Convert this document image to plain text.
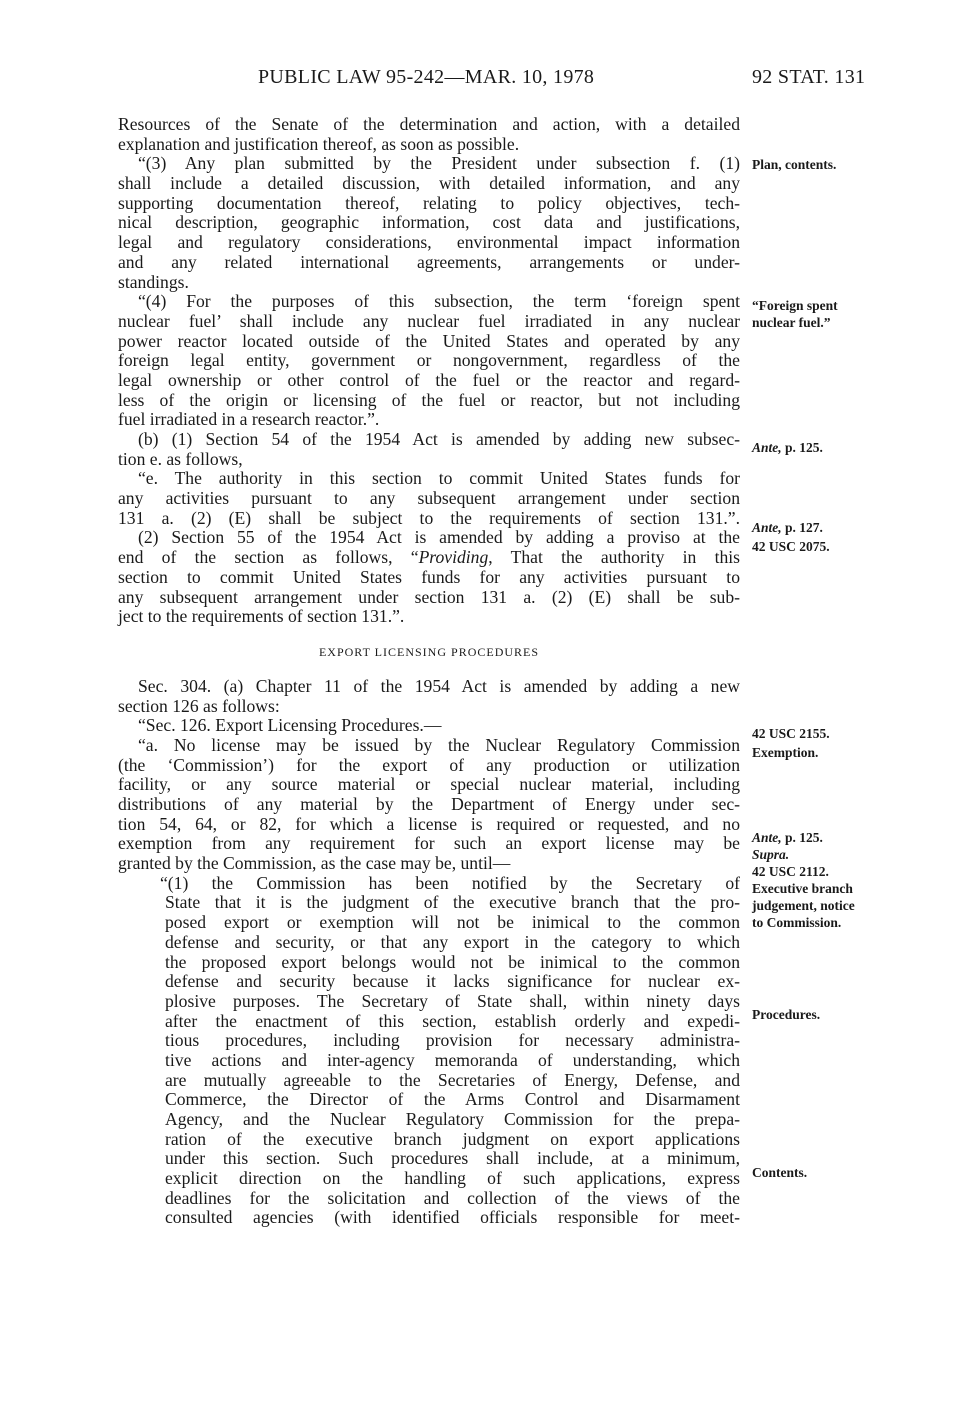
PUBLIC LAW 95-242—MAR. 10, 1978	92 STAT. 131
Resources of the Senate of the determination and action, with a detailed
explanation and justification thereof, as soon as possible.
“(3) Any plan submitted by the President under subsection f. (1)
shall include a detailed discussion, with detailed information, and any
supporting documentation thereof, relating to policy objectives, tech-
nical description, geographic information, cost data and justifications,
legal and regulatory considerations, environmental impact information
and any related international agreements, arrangements or under-
standings.
“(4) For the purposes of this subsection, the term ‘foreign spent
nuclear fuel’ shall include any nuclear fuel irradiated in any nuclear
power reactor located outside of the United States and operated by any
foreign legal entity, government or nongovernment, regardless of the
legal ownership or other control of the fuel or the reactor and regard-
less of the origin or licensing of the fuel or reactor, but not including
fuel irradiated in a research reactor.”.
(b) (1) Section 54 of the 1954 Act is amended by adding new subsec-
tion e. as follows,
“e. The authority in this section to commit United States funds for
any activities pursuant to any subsequent arrangement under section
131 a. (2) (E) shall be subject to the requirements of section 131.”.
(2) Section 55 of the 1954 Act is amended by adding a proviso at the
end of the section as follows, “Providing, That the authority in this
section to commit United States funds for any activities pursuant to
any subsequent arrangement under section 131 a. (2) (E) shall be sub-
ject to the requirements of section 131.”.
EXPORT LICENSING PROCEDURES
Sec. 304. (a) Chapter 11 of the 1954 Act is amended by adding a new
section 126 as follows:
“Sec. 126. Export Licensing Procedures.—
“a. No license may be issued by the Nuclear Regulatory Commission
(the ‘Commission’) for the export of any production or utilization
facility, or any source material or special nuclear material, including
distributions of any material by the Department of Energy under sec-
tion 54, 64, or 82, for which a license is required or requested, and no
exemption from any requirement for such an export license may be
granted by the Commission, as the case may be, until—
“(1) the Commission has been notified by the Secretary of
State that it is the judgment of the executive branch that the pro-
posed export or exemption will not be inimical to the common
defense and security, or that any export in the category to which
the proposed export belongs would not be inimical to the common
defense and security because it lacks significance for nuclear ex-
plosive purposes. The Secretary of State shall, within ninety days
after the enactment of this section, establish orderly and expedi-
tious procedures, including provision for necessary administra-
tive actions and inter-agency memoranda of understanding, which
are mutually agreeable to the Secretaries of Energy, Defense, and
Commerce, the Director of the Arms Control and Disarmament
Agency, and the Nuclear Regulatory Commission for the prepa-
ration of the executive branch judgment on export applications
under this section. Such procedures shall include, at a minimum,
explicit direction on the handling of such applications, express
deadlines for the solicitation and collection of the views of the
consulted agencies (with identified officials responsible for meet-
Plan, contents.
“Foreign spent
nuclear fuel.”
Ante, p. 125.
Ante, p. 127.
42 USC 2075.
42 USC 2155.
Exemption.
Ante, p. 125.
Supra.
42 USC 2112.
Executive branch
judgement, notice
to Commission.
Procedures.
Contents.
